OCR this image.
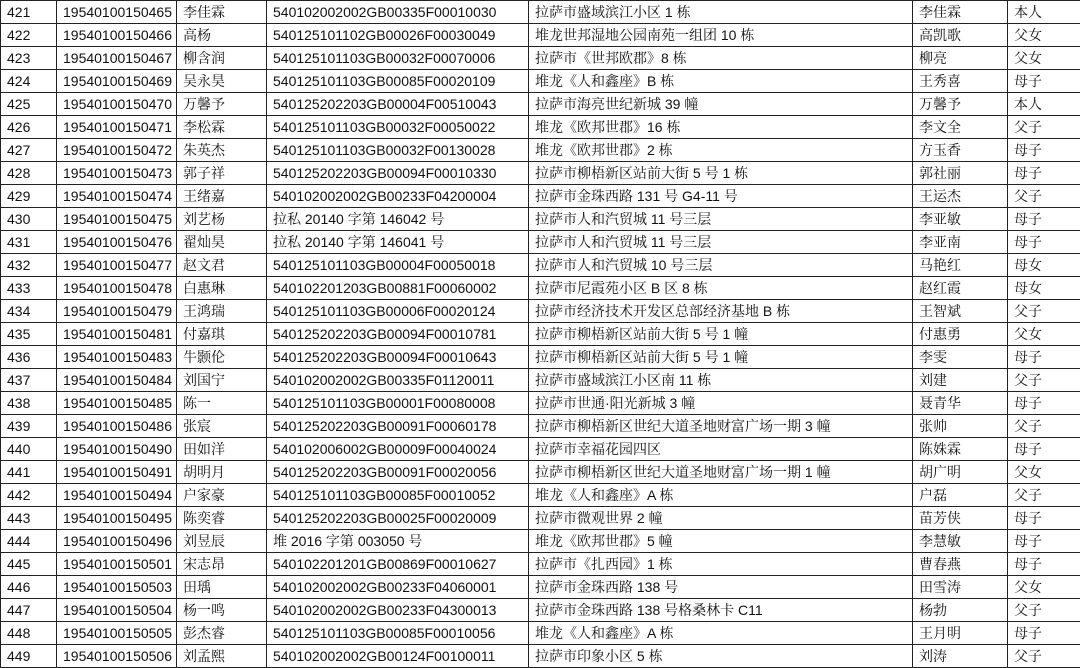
421	19540100150465	李佳霖	540102002002GB00335F00010030	拉萨市盛域滨江小区 1 栋	李佳霖	本人
422	19540100150466	高杨	540125101102GB00026F00030049	堆龙世邦湿地公园南苑一组团 10 栋	高凯歌	父女
423	19540100150467	柳含润	540125101103GB00032F00070006	拉萨市《世邦欧郡》8 栋	柳亮	父女
424	19540100150469	吴永昊	540125101103GB00085F00020109	堆龙《人和鑫座》B 栋	王秀喜	母子
425	19540100150470	万馨予	540125202203GB00004F00510043	拉萨市海亮世纪新城 39 幢	万馨予	本人
426	19540100150471	李松霖	540125101103GB00032F00050022	堆龙《欧邦世郡》16 栋	李文全	父子
427	19540100150472	朱英杰	540125101103GB00032F00130028	堆龙《欧邦世郡》2 栋	方玉香	母子
428	19540100150473	郭子祥	540125202203GB00094F00010330	拉萨市柳梧新区站前大街 5 号 1 栋	郭社丽	母子
429	19540100150474	王绪嘉	540102002002GB00233F04200004	拉萨市金珠西路 131 号 G4-11 号	王运杰	父子
430	19540100150475	刘艺杨	拉私 20140 字第 146042 号	拉萨市人和汽贸城 11 号三层	李亚敏	母子
431	19540100150476	翟灿昊	拉私 20140 字第 146041 号	拉萨市人和汽贸城 11 号三层	李亚南	母子
432	19540100150477	赵文君	540125101103GB00004F00050018	拉萨市人和汽贸城 10 号三层	马艳红	母女
433	19540100150478	白惠琳	540102201203GB00881F00060002	拉萨市尼霞苑小区 B 区 8 栋	赵红霞	母女
434	19540100150479	王鸿瑞	540125101103GB00006F00020124	拉萨市经济技术开发区总部经济基地 B 栋	王智斌	父子
435	19540100150481	付嘉琪	540125202203GB00094F00010781	拉萨市柳梧新区站前大街 5 号 1 幢	付惠勇	父女
436	19540100150483	牛颢伦	540125202203GB00094F00010643	拉萨市柳梧新区站前大街 5 号 1 幢	李雯	母子
437	19540100150484	刘国宁	540102002002GB00335F01120011	拉萨市盛域滨江小区南 11 栋	刘建	父子
438	19540100150485	陈一	540125101103GB00001F00080008	拉萨市世通·阳光新城 3 幢	聂青华	母子
439	19540100150486	张宸	540125202203GB00091F00060178	拉萨市柳梧新区世纪大道圣地财富广场一期 3 幢	张帅	父子
440	19540100150490	田如洋	540102006002GB00009F00040024	拉萨市幸福花园四区	陈姝霖	母子
441	19540100150491	胡明月	540125202203GB00091F00020056	拉萨市柳梧新区世纪大道圣地财富广场一期 1 幢	胡广明	父女
442	19540100150494	户家豪	540125101103GB00085F00010052	堆龙《人和鑫座》A 栋	户磊	父子
443	19540100150495	陈奕睿	540125202203GB00025F00020009	拉萨市微观世界 2 幢	苗芳侠	母子
444	19540100150496	刘昱辰	堆 2016 字第 003050 号	堆龙《欧邦世郡》5 幢	李慧敏	母子
445	19540100150501	宋志昂	540102201201GB00869F00010627	拉萨市《扎西园》1 栋	曹春燕	母子
446	19540100150503	田瑀	540102002002GB00233F04060001	拉萨市金珠西路 138 号	田雪涛	父女
447	19540100150504	杨一鸣	540102002002GB00233F04300013	拉萨市金珠西路 138 号格桑林卡 C11	杨勃	父子
448	19540100150505	彭杰睿	540125101103GB00085F00010056	堆龙《人和鑫座》A 栋	王月明	母子
449	19540100150506	刘孟熙	540102002002GB00124F00100011	拉萨市印象小区 5 栋	刘涛	父子
